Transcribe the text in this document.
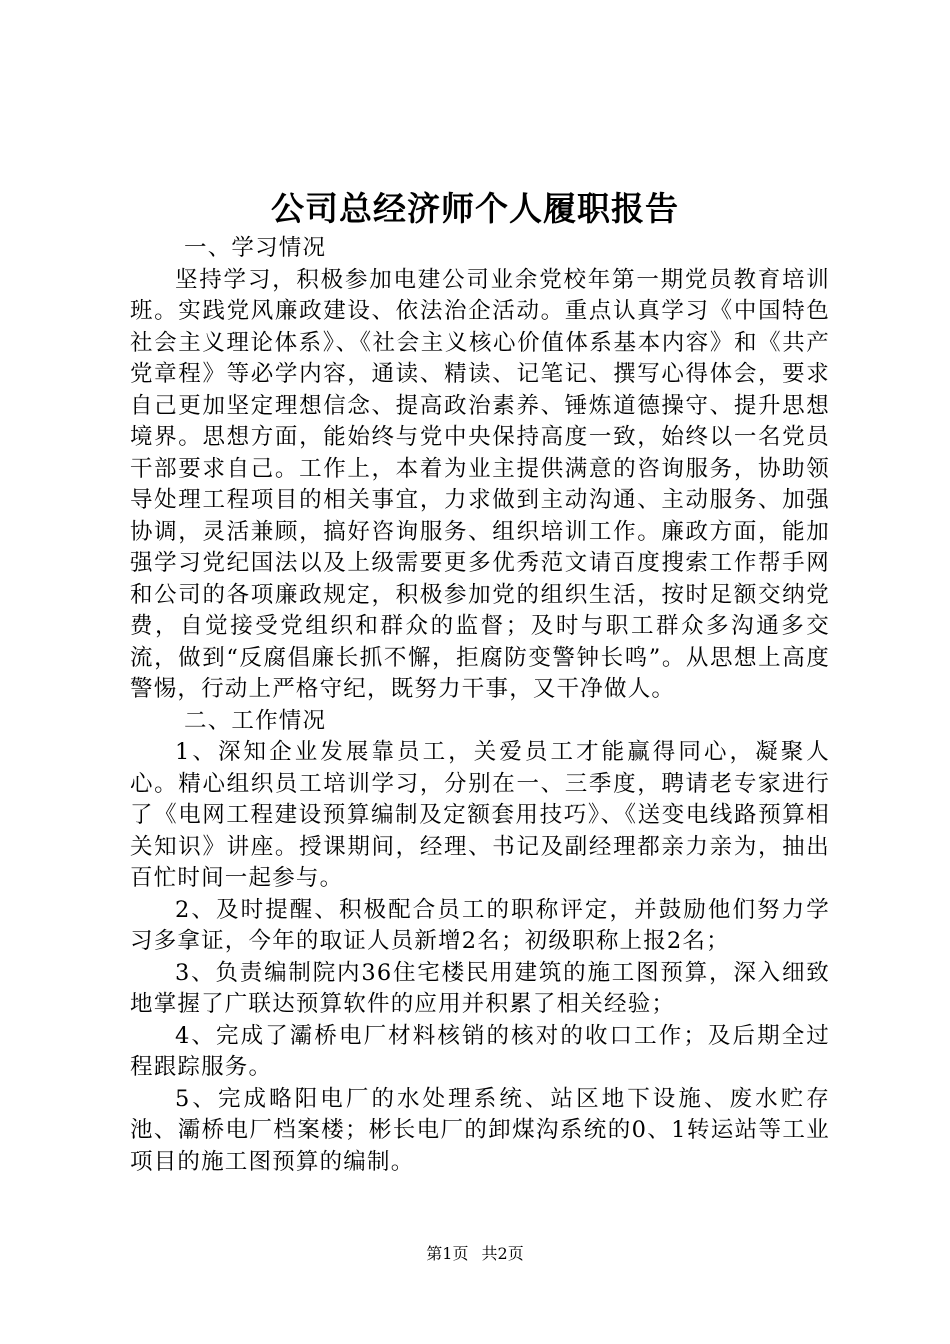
公司总经济师个人履职报告

一、学习情况

坚持学习，积极参加电建公司业余党校年第一期党员教育培训班。实践党风廉政建设、依法治企活动。重点认真学习《中国特色社会主义理论体系》、《社会主义核心价值体系基本内容》和《共产党章程》等必学内容，通读、精读、记笔记、撰写心得体会，要求自己更加坚定理想信念、提高政治素养、锤炼道德操守、提升思想境界。思想方面，能始终与党中央保持高度一致，始终以一名党员干部要求自己。工作上，本着为业主提供满意的咨询服务，协助领导处理工程项目的相关事宜，力求做到主动沟通、主动服务、加强协调，灵活兼顾，搞好咨询服务、组织培训工作。廉政方面，能加强学习党纪国法以及上级需要更多优秀范文请百度搜索工作帮手网和公司的各项廉政规定，积极参加党的组织生活，按时足额交纳党费，自觉接受党组织和群众的监督；及时与职工群众多沟通多交流，做到“反腐倡廉长抓不懈，拒腐防变警钟长鸣”。从思想上高度警惕，行动上严格守纪，既努力干事，又干净做人。

二、工作情况

1、深知企业发展靠员工，关爱员工才能赢得同心，凝聚人心。精心组织员工培训学习，分别在一、三季度，聘请老专家进行了《电网工程建设预算编制及定额套用技巧》、《送变电线路预算相关知识》讲座。授课期间，经理、书记及副经理都亲力亲为，抽出百忙时间一起参与。

2、及时提醒、积极配合员工的职称评定，并鼓励他们努力学习多拿证，今年的取证人员新增2名；初级职称上报2名；

3、负责编制院内36住宅楼民用建筑的施工图预算，深入细致地掌握了广联达预算软件的应用并积累了相关经验；

4、完成了灞桥电厂材料核销的核对的收口工作；及后期全过程跟踪服务。

5、完成略阳电厂的水处理系统、站区地下设施、废水贮存池、灞桥电厂档案楼；彬长电厂的卸煤沟系统的0、1转运站等工业项目的施工图预算的编制。

第1页 共2页
